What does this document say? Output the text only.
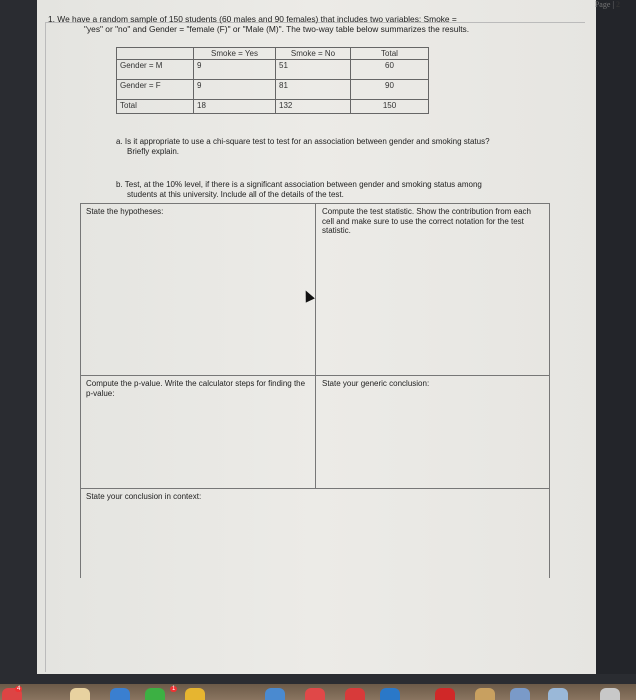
Page | 2
1. We have a random sample of 150 students (60 males and 90 females) that includes two variables: Smoke =
"yes" or "no" and Gender = "female (F)" or "Male (M)". The two-way table below summarizes the results.
	Smoke = Yes	Smoke = No	Total
Gender = M	9	51	60
Gender = F	9	81	90
Total	18	132	150
a. Is it appropriate to use a chi-square test to test for an association between gender and smoking status?
Briefly explain.
b. Test, at the 10% level, if there is a significant association between gender and smoking status among
students at this university. Include all of the details of the test.
State the hypotheses:	Compute the test statistic. Show the contribution from each cell and make sure to use the correct notation for the test statistic.
Compute the p-value. Write the calculator steps for finding the p-value:
State your generic conclusion:
State your conclusion in context:
4	1
